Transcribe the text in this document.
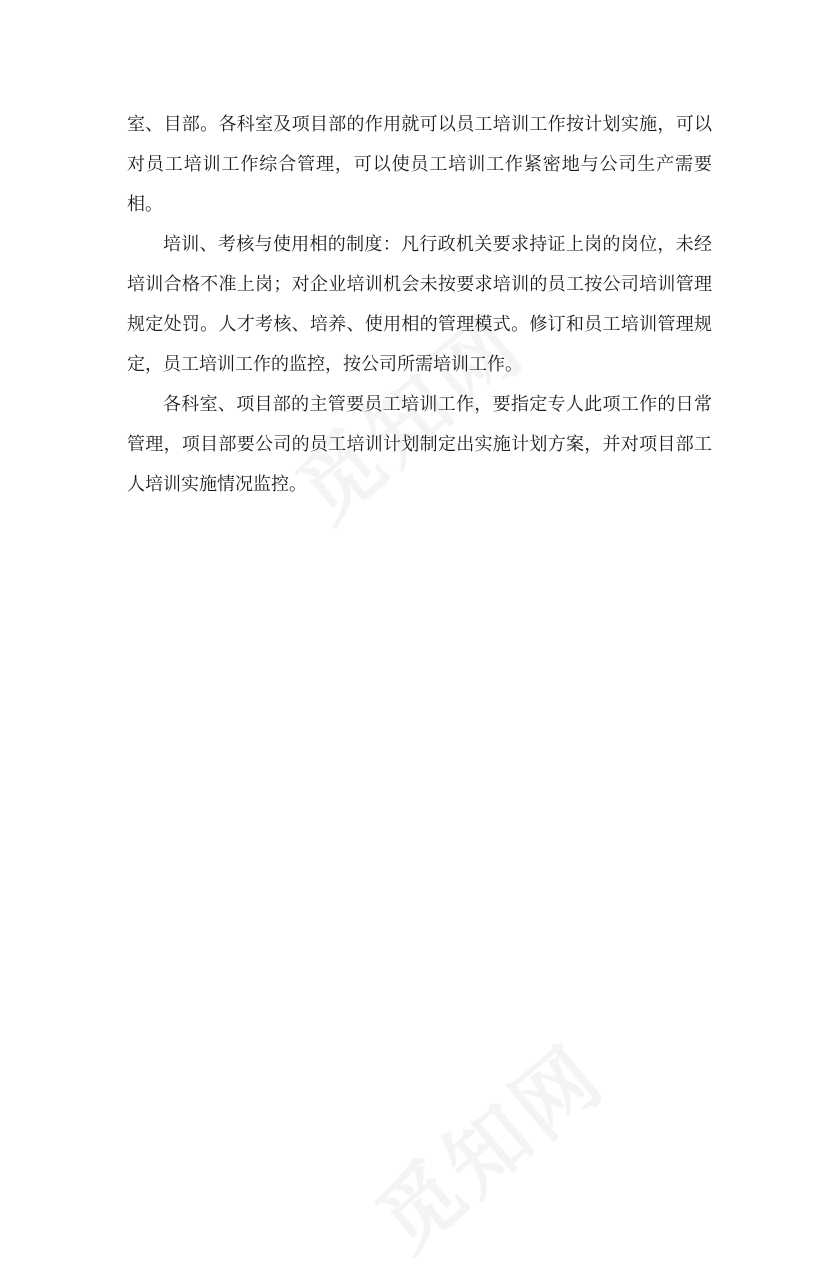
室、目部。各科室及项目部的作用就可以员工培训工作按计划实施，可以对员工培训工作综合管理，可以使员工培训工作紧密地与公司生产需要相。

培训、考核与使用相的制度：凡行政机关要求持证上岗的岗位，未经培训合格不准上岗；对企业培训机会未按要求培训的员工按公司培训管理规定处罚。人才考核、培养、使用相的管理模式。修订和员工培训管理规定，员工培训工作的监控，按公司所需培训工作。

各科室、项目部的主管要员工培训工作，要指定专人此项工作的日常管理，项目部要公司的员工培训计划制定出实施计划方案，并对项目部工人培训实施情况监控。
